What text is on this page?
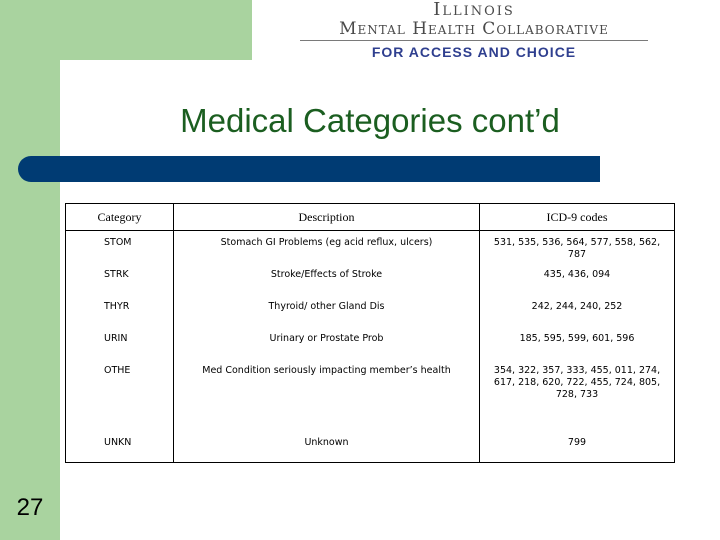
Illinois
Mental Health Collaborative
FOR ACCESS AND CHOICE
Medical Categories cont’d
Category	Description	ICD-9 codes
STOM	Stomach GI Problems (eg acid reflux, ulcers)	531, 535, 536, 564, 577, 558, 562, 787
STRK	Stroke/Effects of Stroke	435, 436, 094
THYR	Thyroid/ other Gland Dis	242, 244, 240, 252
URIN	Urinary or Prostate Prob	185, 595, 599, 601, 596
OTHE	Med Condition seriously impacting member’s health	354, 322, 357, 333, 455, 011, 274, 617, 218, 620, 722, 455, 724, 805, 728, 733
UNKN	Unknown	799
27
